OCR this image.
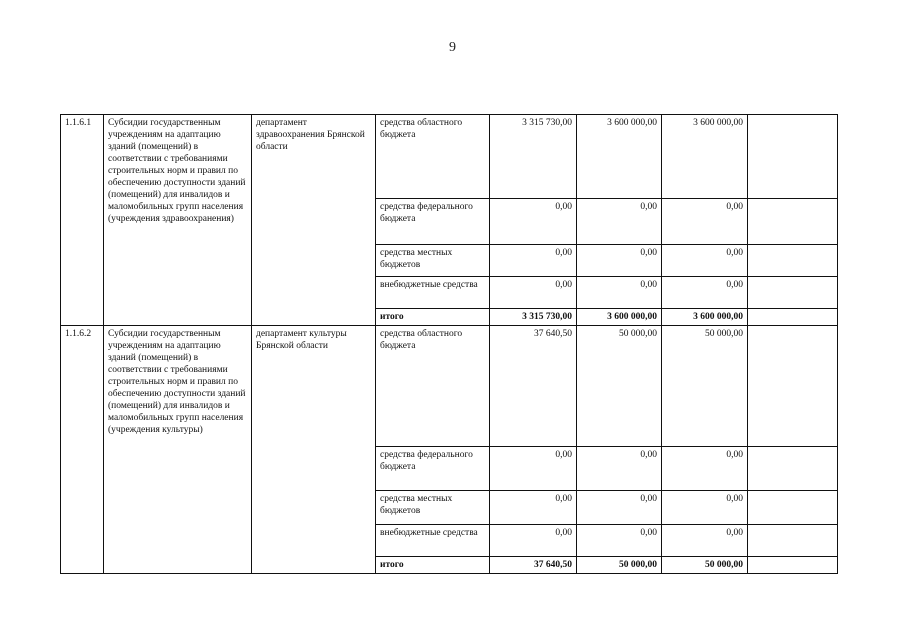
9
1.1.6.1	Субсидии государственным учреждениям на адаптацию зданий (помещений) в соответствии с требованиями строительных норм и правил по обеспечению доступности зданий (помещений) для инвалидов и маломобильных групп населения (учреждения здравоохранения)	департамент здравоохранения Брянской области	средства областного бюджета	3 315 730,00	3 600 000,00	3 600 000,00	
			средства федерального бюджета	0,00	0,00	0,00	
			средства местных бюджетов	0,00	0,00	0,00	
			внебюджетные средства	0,00	0,00	0,00	
			итого	3 315 730,00	3 600 000,00	3 600 000,00	
1.1.6.2	Субсидии государственным учреждениям на адаптацию зданий (помещений) в соответствии с требованиями строительных норм и правил по обеспечению доступности зданий (помещений) для инвалидов и маломобильных групп населения (учреждения культуры)	департамент культуры Брянской области	средства областного бюджета	37 640,50	50 000,00	50 000,00	
			средства федерального бюджета	0,00	0,00	0,00	
			средства местных бюджетов	0,00	0,00	0,00	
			внебюджетные средства	0,00	0,00	0,00	
			итого	37 640,50	50 000,00	50 000,00	
